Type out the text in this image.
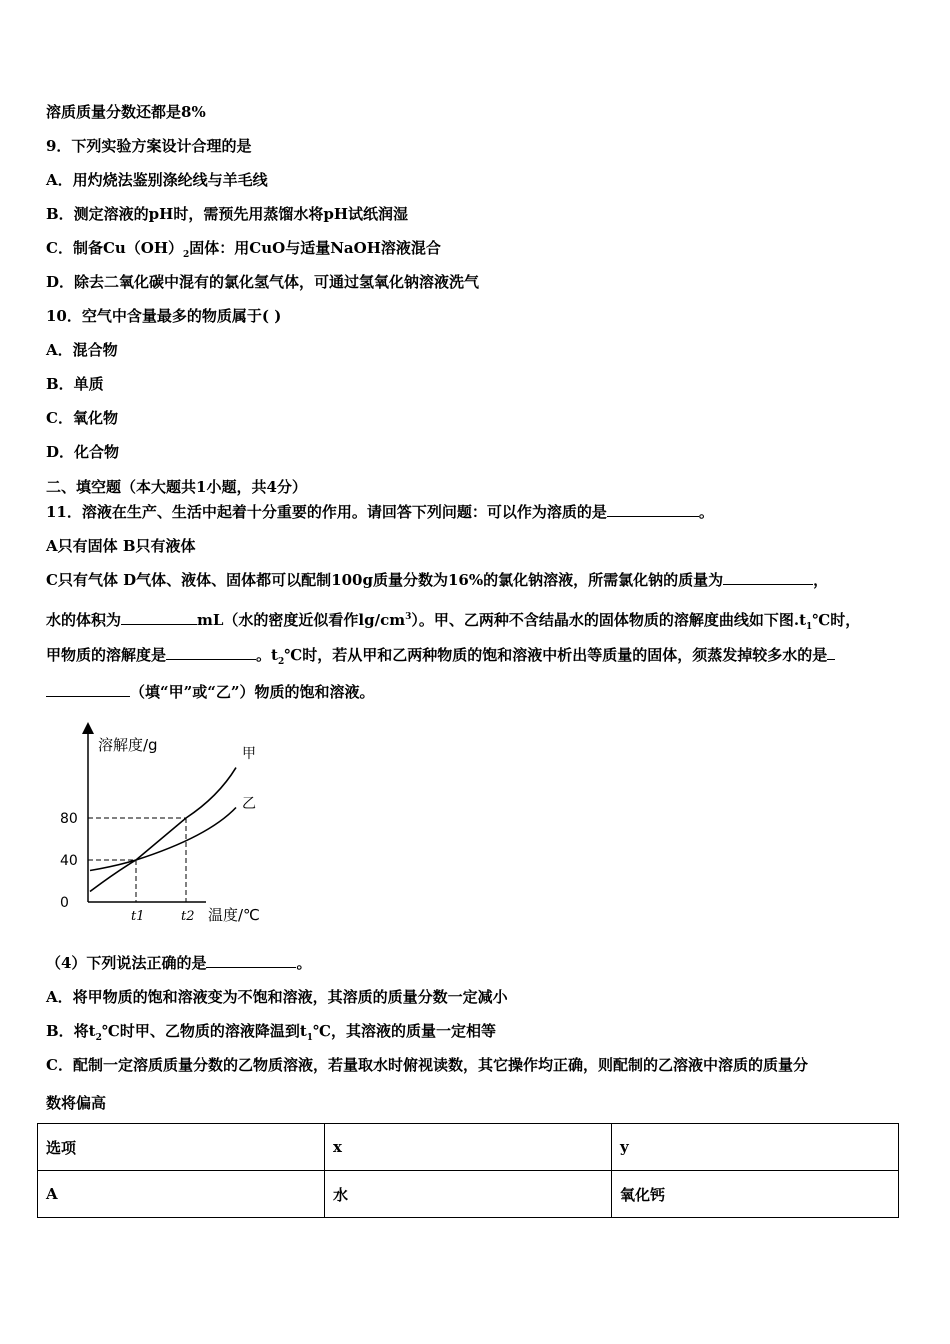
溶质质量分数还都是8%
9．下列实验方案设计合理的是
A．用灼烧法鉴别涤纶线与羊毛线
B．测定溶液的pH时，需预先用蒸馏水将pH试纸润湿
C．制备$Cu(OH)_2$固体：用CuO与适量NaOH溶液混合
D．除去二氧化碳中混有的氯化氢气体，可通过氢氧化钠溶液洗气
10．空气中含量最多的物质属于( )
A．混合物
B．单质
C．氧化物
D．化合物
二、填空题（本大题共1小题，共4分）
11．溶液在生产、生活中起着十分重要的作用。请回答下列问题：可以作为溶质的是	。
A只有固体 B只有液体
C只有气体 D气体、液体、固体都可以配制100g质量分数为16%的氯化钠溶液，所需氯化钠的质量为	，
水的体积为	mL（水的密度近似看作$\lg/cm^3$）。甲、乙两种不含结晶水的固体物质的溶解度曲线如下图$.t_1℃$时，
甲物质的溶解度是	。$t_2℃$时，若从甲和乙两种物质的饱和溶液中析出等质量的固体，须蒸发掉较多水的是
（填“甲”或“乙”）物质的饱和溶液。
溶解度/g
温度/℃
80
40
0
t1	t2
甲
乙
（4）下列说法正确的是	。
A．将甲物质的饱和溶液变为不饱和溶液，其溶质的质量分数一定减小
B．将$t_2℃$时甲、乙物质的溶液降温到$t_1℃$，其溶液的质量一定相等
C．配制一定溶质质量分数的乙物质溶液，若量取水时俯视读数，其它操作均正确，则配制的乙溶液中溶质的质量分
数将偏高
选项	x	y
A	水	氧化钙
